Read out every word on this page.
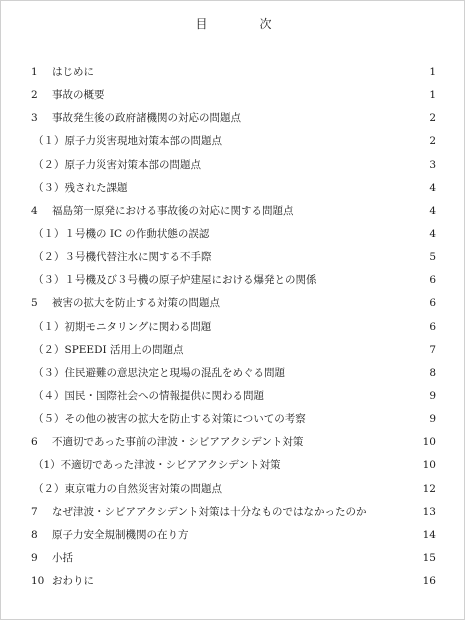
目　次
1 はじめに	1
2 事故の概要	1
3 事故発生後の政府諸機関の対応の問題点	2
（１）原子力災害現地対策本部の問題点	2
（２）原子力災害対策本部の問題点	3
（３）残された課題	4
4 福島第一原発における事故後の対応に関する問題点	4
（１）１号機の IC の作動状態の誤認	4
（２）３号機代替注水に関する不手際	5
（３）１号機及び３号機の原子炉建屋における爆発との関係	6
5 被害の拡大を防止する対策の問題点	6
（１）初期モニタリングに関わる問題	6
（２）SPEEDI 活用上の問題点	7
（３）住民避難の意思決定と現場の混乱をめぐる問題	8
（４）国民・国際社会への情報提供に関わる問題	9
（５）その他の被害の拡大を防止する対策についての考察	9
6 不適切であった事前の津波・シビアアクシデント対策	10
（1）不適切であった津波・シビアアクシデント対策	10
（２）東京電力の自然災害対策の問題点	12
7 なぜ津波・シビアアクシデント対策は十分なものではなかったのか	13
8 原子力安全規制機関の在り方	14
9 小括	15
10 おわりに	16
